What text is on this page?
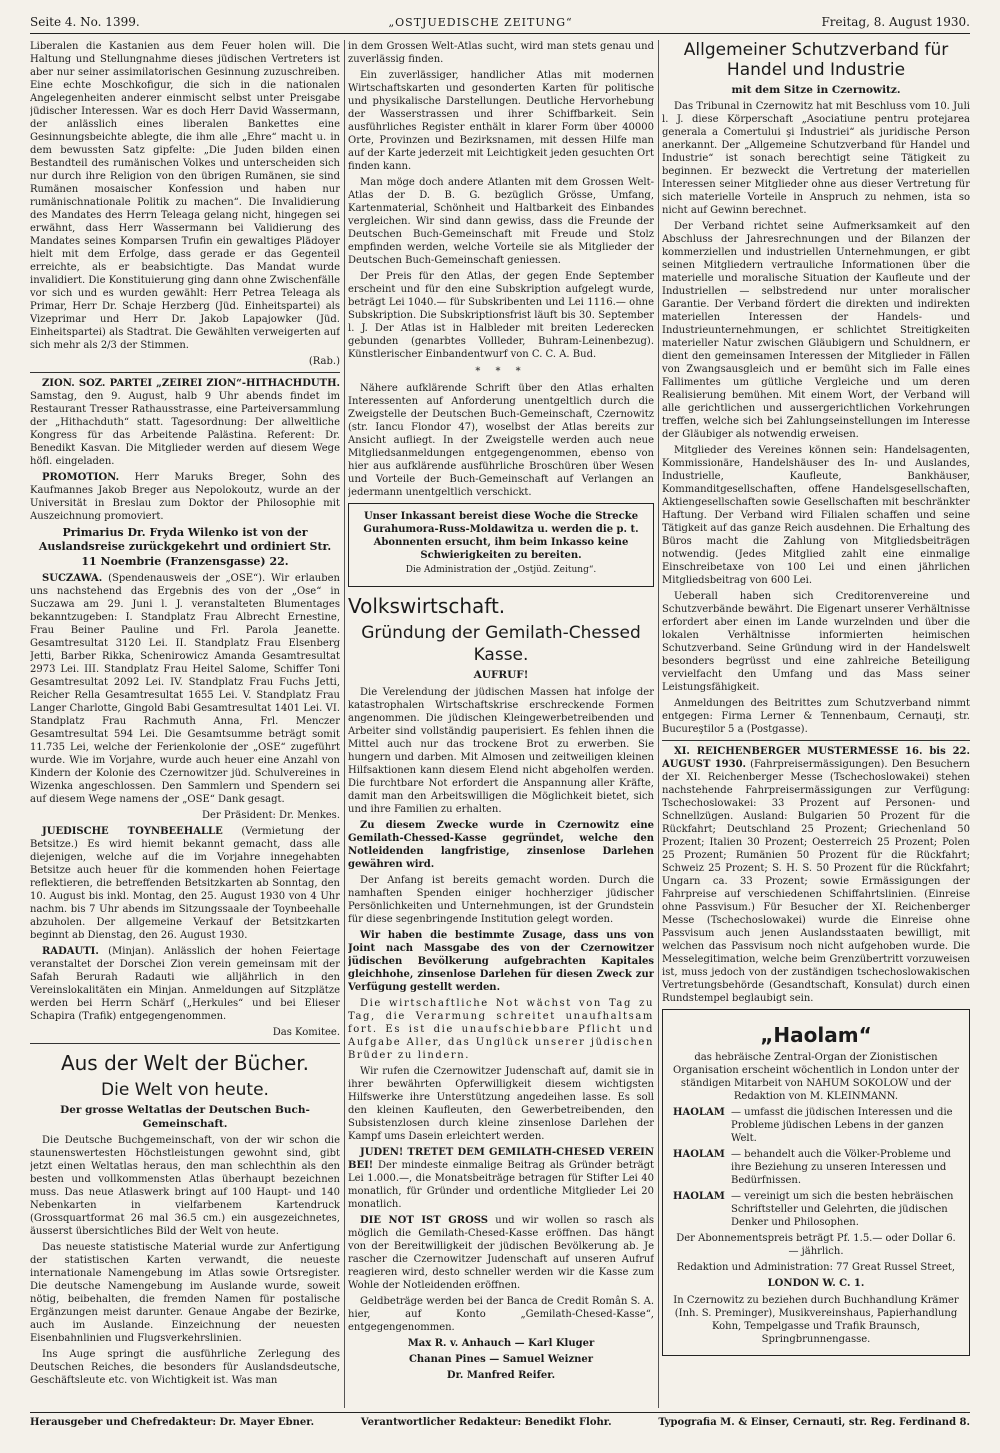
Seite 4. No. 1399.	„OSTJUEDISCHE ZEITUNG“	Freitag, 8. August 1930.

Liberalen die Kastanien aus dem Feuer holen will. Die Haltung und Stellungnahme dieses jüdischen Vertreters ist aber nur seiner assimilatorischen Gesinnung zuzuschreiben. Eine echte Moschkofigur, die sich in die nationalen Angelegenheiten anderer einmischt selbst unter Preisgabe jüdischer Interessen. War es doch Herr David Wassermann, der anlässlich eines liberalen Bankettes eine Gesinnungsbeichte ablegte, die ihm alle „Ehre“ macht u. in dem bewussten Satz gipfelte: „Die Juden bilden einen Bestandteil des rumänischen Volkes und unterscheiden sich nur durch ihre Religion von den übrigen Rumänen, sie sind Rumänen mosaischer Konfession und haben nur rumänischnationale Politik zu machen“. Die Invalidierung des Mandates des Herrn Teleaga gelang nicht, hingegen sei erwähnt, dass Herr Wassermann bei Validierung des Mandates seines Komparsen Trufin ein gewaltiges Plädoyer hielt mit dem Erfolge, dass gerade er das Gegenteil erreichte, als er beabsichtigte. Das Mandat wurde invalidiert. Die Konstituierung ging dann ohne Zwischenfälle vor sich und es wurden gewählt: Herr Petrea Teleaga als Primar, Herr Dr. Schaje Herzberg (Jüd. Einheitspartei) als Vizeprimar und Herr Dr. Jakob Lapajowker (Jüd. Einheitspartei) als Stadtrat. Die Gewählten verweigerten auf sich mehr als 2/3 der Stimmen.

(Rab.)

ZION. SOZ. PARTEI „ZEIREI ZION“-HITHACHDUTH. Samstag, den 9. August, halb 9 Uhr abends findet im Restaurant Tresser Rathausstrasse, eine Parteiversammlung der „Hithachduth“ statt. Tagesordnung: Der allweltliche Kongress für das Arbeitende Palästina. Referent: Dr. Benedikt Kasvan. Die Mitglieder werden auf diesem Wege höfl. eingeladen.

PROMOTION. Herr Maruks Breger, Sohn des Kaufmannes Jakob Breger aus Nepolokoutz, wurde an der Universität in Breslau zum Doktor der Philosophie mit Auszeichnung promoviert.

Primarius Dr. Fryda Wilenko ist von der Auslandsreise zurückgekehrt und ordiniert Str. 11 Noembrie (Franzensgasse) 22.

SUCZAWA. (Spendenausweis der „OSE“). Wir erlauben uns nachstehend das Ergebnis des von der „Ose“ in Suczawa am 29. Juni l. J. veranstalteten Blumentages bekanntzugeben: I. Standplatz Frau Albrecht Ernestine, Frau Beiner Pauline und Frl. Parola Jeanette. Gesamtresultat 3120 Lei. II. Standplatz Frau Elsenberg Jetti, Barber Rikka, Schenirowicz Amanda Gesamtresultat 2973 Lei. III. Standplatz Frau Heitel Salome, Schiffer Toni Gesamtresultat 2092 Lei. IV. Standplatz Frau Fuchs Jetti, Reicher Rella Gesamtresultat 1655 Lei. V. Standplatz Frau Langer Charlotte, Gingold Babi Gesamtresultat 1401 Lei. VI. Standplatz Frau Rachmuth Anna, Frl. Menczer Gesamtresultat 594 Lei. Die Gesamtsumme beträgt somit 11.735 Lei, welche der Ferienkolonie der „OSE“ zugeführt wurde. Wie im Vorjahre, wurde auch heuer eine Anzahl von Kindern der Kolonie des Czernowitzer jüd. Schulvereines in Wizenka angeschlossen. Den Sammlern und Spendern sei auf diesem Wege namens der „OSE“ Dank gesagt.

Der Präsident: Dr. Menkes.

JUEDISCHE TOYNBEEHALLE (Vermietung der Betsitze.) Es wird hiemit bekannt gemacht, dass alle diejenigen, welche auf die im Vorjahre innegehabten Betsitze auch heuer für die kommenden hohen Feiertage reflektieren, die betreffenden Betsitzkarten ab Sonntag, den 10. August bis inkl. Montag, den 25. August 1930 von 4 Uhr nachm. bis 7 Uhr abends im Sitzungssaale der Toynbeehalle abzuholen. Der allgemeine Verkauf der Betsitzkarten beginnt ab Dienstag, den 26. August 1930.

RADAUTI. (Minjan). Anlässlich der hohen Feiertage veranstaltet der Dorschei Zion verein gemeinsam mit der Safah Berurah Radauti wie alljährlich in den Vereinslokalitäten ein Minjan. Anmeldungen auf Sitzplätze werden bei Herrn Schärf („Herkules“ und bei Elieser Schapira (Trafik) entgegengenommen.

Das Komitee.

Aus der Welt der Bücher.
Die Welt von heute.
Der grosse Weltatlas der Deutschen Buch-Gemeinschaft.

Die Deutsche Buchgemeinschaft, von der wir schon die staunenswertesten Höchstleistungen gewohnt sind, gibt jetzt einen Weltatlas heraus, den man schlechthin als den besten und vollkommensten Atlas überhaupt bezeichnen muss. Das neue Atlaswerk bringt auf 100 Haupt- und 140 Nebenkarten in vielfarbenem Kartendruck (Grossquartformat 26 mal 36.5 cm.) ein ausgezeichnetes, äusserst übersichtliches Bild der Welt von heute.

Das neueste statistische Material wurde zur Anfertigung der statistischen Karten verwandt, die neueste internationale Namengebung im Atlas sowie Ortsregister. Die deutsche Namengebung im Auslande wurde, soweit nötig, beibehalten, die fremden Namen für postalische Ergänzungen meist darunter. Genaue Angabe der Bezirke, auch im Auslande. Einzeichnung der neuesten Eisenbahnlinien und Flugsverkehrslinien.

Ins Auge springt die ausführliche Zerlegung des Deutschen Reiches, die besonders für Auslandsdeutsche, Geschäftsleute etc. von Wichtigkeit ist. Was man

in dem Grossen Welt-Atlas sucht, wird man stets genau und zuverlässig finden.

Ein zuverlässiger, handlicher Atlas mit modernen Wirtschaftskarten und gesonderten Karten für politische und physikalische Darstellungen. Deutliche Hervorhebung der Wasserstrassen und ihrer Schiffbarkeit. Sein ausführliches Register enthält in klarer Form über 40000 Orte, Provinzen und Bezirksnamen, mit dessen Hilfe man auf der Karte jederzeit mit Leichtigkeit jeden gesuchten Ort finden kann.

Man möge doch andere Atlanten mit dem Grossen Welt-Atlas der D. B. G. bezüglich Grösse, Umfang, Kartenmaterial, Schönheit und Haltbarkeit des Einbandes vergleichen. Wir sind dann gewiss, dass die Freunde der Deutschen Buch-Gemeinschaft mit Freude und Stolz empfinden werden, welche Vorteile sie als Mitglieder der Deutschen Buch-Gemeinschaft geniessen.

Der Preis für den Atlas, der gegen Ende September erscheint und für den eine Subskription aufgelegt wurde, beträgt Lei 1040.— für Subskribenten und Lei 1116.— ohne Subskription. Die Subskriptionsfrist läuft bis 30. September l. J. Der Atlas ist in Halbleder mit breiten Lederecken gebunden (genarbtes Vollleder, Buhram-Leinenbezug). Künstlerischer Einbandentwurf von C. C. A. Bud.

* * *

Nähere aufklärende Schrift über den Atlas erhalten Interessenten auf Anforderung unentgeltlich durch die Zweigstelle der Deutschen Buch-Gemeinschaft, Czernowitz (str. Iancu Flondor 47), woselbst der Atlas bereits zur Ansicht aufliegt. In der Zweigstelle werden auch neue Mitgliedsanmeldungen entgegengenommen, ebenso von hier aus aufklärende ausführliche Broschüren über Wesen und Vorteile der Buch-Gemeinschaft auf Verlangen an jedermann unentgeltlich verschickt.

Unser Inkassant bereist diese Woche die Strecke Gurahumora-Russ-Moldawitza u. werden die p. t. Abonnenten ersucht, ihm beim Inkasso keine Schwierigkeiten zu bereiten.

Die Administration der „Ostjüd. Zeitung“.

Volkswirtschaft.
Gründung der Gemilath-Chessed Kasse.
AUFRUF!

Die Verelendung der jüdischen Massen hat infolge der katastrophalen Wirtschaftskrise erschreckende Formen angenommen. Die jüdischen Kleingewerbetreibenden und Arbeiter sind vollständig pauperisiert. Es fehlen ihnen die Mittel auch nur das trockene Brot zu erwerben. Sie hungern und darben. Mit Almosen und zeitweiligen kleinen Hilfsaktionen kann diesem Elend nicht abgeholfen werden. Die furchtbare Not erfordert die Anspannung aller Kräfte, damit man den Arbeitswilligen die Möglichkeit bietet, sich und ihre Familien zu erhalten.

Zu diesem Zwecke wurde in Czernowitz eine Gemilath-Chessed-Kasse gegründet, welche den Notleidenden langfristige, zinsenlose Darlehen gewähren wird.

Der Anfang ist bereits gemacht worden. Durch die namhaften Spenden einiger hochherziger jüdischer Persönlichkeiten und Unternehmungen, ist der Grundstein für diese segenbringende Institution gelegt worden.

Wir haben die bestimmte Zusage, dass uns von Joint nach Massgabe des von der Czernowitzer jüdischen Bevölkerung aufgebrachten Kapitales gleichhohe, zinsenlose Darlehen für diesen Zweck zur Verfügung gestellt werden.

Die wirtschaftliche Not wächst von Tag zu Tag, die Verarmung schreitet unaufhaltsam fort. Es ist die unaufschiebbare Pflicht und Aufgabe Aller, das Unglück unserer jüdischen Brüder zu lindern.

Wir rufen die Czernowitzer Judenschaft auf, damit sie in ihrer bewährten Opferwilligkeit diesem wichtigsten Hilfswerke ihre Unterstützung angedeihen lasse. Es soll den kleinen Kaufleuten, den Gewerbetreibenden, den Subsistenzlosen durch kleine zinsenlose Darlehen der Kampf ums Dasein erleichtert werden.

JUDEN! TRETET DEM GEMILATH-CHESED VEREIN BEI! Der mindeste einmalige Beitrag als Gründer beträgt Lei 1.000.—, die Monatsbeiträge betragen für Stifter Lei 40 monatlich, für Gründer und ordentliche Mitglieder Lei 20 monatlich.

DIE NOT IST GROSS und wir wollen so rasch als möglich die Gemilath-Chesed-Kasse eröffnen. Das hängt von der Bereitwilligkeit der jüdischen Bevölkerung ab. Je rascher die Czernowitzer Judenschaft auf unseren Aufruf reagieren wird, desto schneller werden wir die Kasse zum Wohle der Notleidenden eröffnen.

Geldbeträge werden bei der Banca de Credit Român S. A. hier, auf Konto „Gemilath-Chesed-Kasse“, entgegengenommen.

Max R. v. Anhauch — Karl Kluger

Chanan Pines — Samuel Weizner

Dr. Manfred Reifer.

Allgemeiner Schutzverband für Handel und Industrie
mit dem Sitze in Czernowitz.

Das Tribunal in Czernowitz hat mit Beschluss vom 10. Juli l. J. diese Körperschaft „Asociatiune pentru protejarea generala a Comertului şi Industriei“ als juridische Person anerkannt. Der „Allgemeine Schutzverband für Handel und Industrie“ ist sonach berechtigt seine Tätigkeit zu beginnen. Er bezweckt die Vertretung der materiellen Interessen seiner Mitglieder ohne aus dieser Vertretung für sich materielle Vorteile in Anspruch zu nehmen, ista so nicht auf Gewinn berechnet.

Der Verband richtet seine Aufmerksamkeit auf den Abschluss der Jahresrechnungen und der Bilanzen der kommerziellen und industriellen Unternehmungen, er gibt seinen Mitgliedern vertrauliche Informationen über die materielle und moralische Situation der Kaufleute und der Industriellen — selbstredend nur unter moralischer Garantie. Der Verband fördert die direkten und indirekten materiellen Interessen der Handels- und Industrieunternehmungen, er schlichtet Streitigkeiten materieller Natur zwischen Gläubigern und Schuldnern, er dient den gemeinsamen Interessen der Mitglieder in Fällen von Zwangsausgleich und er bemüht sich im Falle eines Fallimentes um gütliche Vergleiche und um deren Realisierung bemühen. Mit einem Wort, der Verband will alle gerichtlichen und aussergerichtlichen Vorkehrungen treffen, welche sich bei Zahlungseinstellungen im Interesse der Gläubiger als notwendig erweisen.

Mitglieder des Vereines können sein: Handelsagenten, Kommissionäre, Handelshäuser des In- und Auslandes, Industrielle, Kaufleute, Bankhäuser, Kommanditgesellschaften, offene Handelsgesellschaften, Aktiengesellschaften sowie Gesellschaften mit beschränkter Haftung. Der Verband wird Filialen schaffen und seine Tätigkeit auf das ganze Reich ausdehnen. Die Erhaltung des Büros macht die Zahlung von Mitgliedsbeiträgen notwendig. (Jedes Mitglied zahlt eine einmalige Einschreibetaxe von 100 Lei und einen jährlichen Mitgliedsbeitrag von 600 Lei.

Ueberall haben sich Creditorenvereine und Schutzverbände bewährt. Die Eigenart unserer Verhältnisse erfordert aber einen im Lande wurzelnden und über die lokalen Verhältnisse informierten heimischen Schutzverband. Seine Gründung wird in der Handelswelt besonders begrüsst und eine zahlreiche Beteiligung vervielfacht den Umfang und das Mass seiner Leistungsfähigkeit.

Anmeldungen des Beitrittes zum Schutzverband nimmt entgegen: Firma Lerner & Tennenbaum, Cernauţi, str. Bucureştilor 5 a (Postgasse).

XI. REICHENBERGER MUSTERMESSE 16. bis 22. AUGUST 1930. (Fahrpreisermässigungen). Den Besuchern der XI. Reichenberger Messe (Tschechoslowakei) stehen nachstehende Fahrpreisermässigungen zur Verfügung: Tschechoslowakei: 33 Prozent auf Personen- und Schnellzügen. Ausland: Bulgarien 50 Prozent für die Rückfahrt; Deutschland 25 Prozent; Griechenland 50 Prozent; Italien 30 Prozent; Oesterreich 25 Prozent; Polen 25 Prozent; Rumänien 50 Prozent für die Rückfahrt; Schweiz 25 Prozent; S. H. S. 50 Prozent für die Rückfahrt; Ungarn ca. 33 Prozent; sowie Ermässigungen der Fahrpreise auf verschiedenen Schiffahrtslinien. (Einreise ohne Passvisum.) Für Besucher der XI. Reichenberger Messe (Tschechoslowakei) wurde die Einreise ohne Passvisum auch jenen Auslandsstaaten bewilligt, mit welchen das Passvisum noch nicht aufgehoben wurde. Die Messelegitimation, welche beim Grenzübertritt vorzuweisen ist, muss jedoch von der zuständigen tschechoslowakischen Vertretungsbehörde (Gesandtschaft, Konsulat) durch einen Rundstempel beglaubigt sein.

„Haolam“

das hebräische Zentral-Organ der Zionistischen Organisation erscheint wöchentlich in London unter der ständigen Mitarbeit von NAHUM SOKOLOW und der Redaktion von M. KLEINMANN.

HAOLAM — umfasst die jüdischen Interessen und die Probleme jüdischen Lebens in der ganzen Welt.
HAOLAM — behandelt auch die Völker-Probleme und ihre Beziehung zu unseren Interessen und Bedürfnissen.
HAOLAM — vereinigt um sich die besten hebräischen Schriftsteller und Gelehrten, die jüdischen Denker und Philosophen.

Der Abonnementspreis beträgt Pf. 1.5.— oder Dollar 6.— jährlich.

Redaktion und Administration: 77 Great Russel Street,

LONDON W. C. 1.

In Czernowitz zu beziehen durch Buchhandlung Krämer (Inh. S. Preminger), Musikvereinshaus, Papierhandlung Kohn, Tempelgasse und Trafik Braunsch, Springbrunnengasse.

Herausgeber und Chefredakteur: Dr. Mayer Ebner.	Verantwortlicher Redakteur: Benedikt Flohr.	Typografia M. & Einser, Cernauti, str. Reg. Ferdinand 8.
